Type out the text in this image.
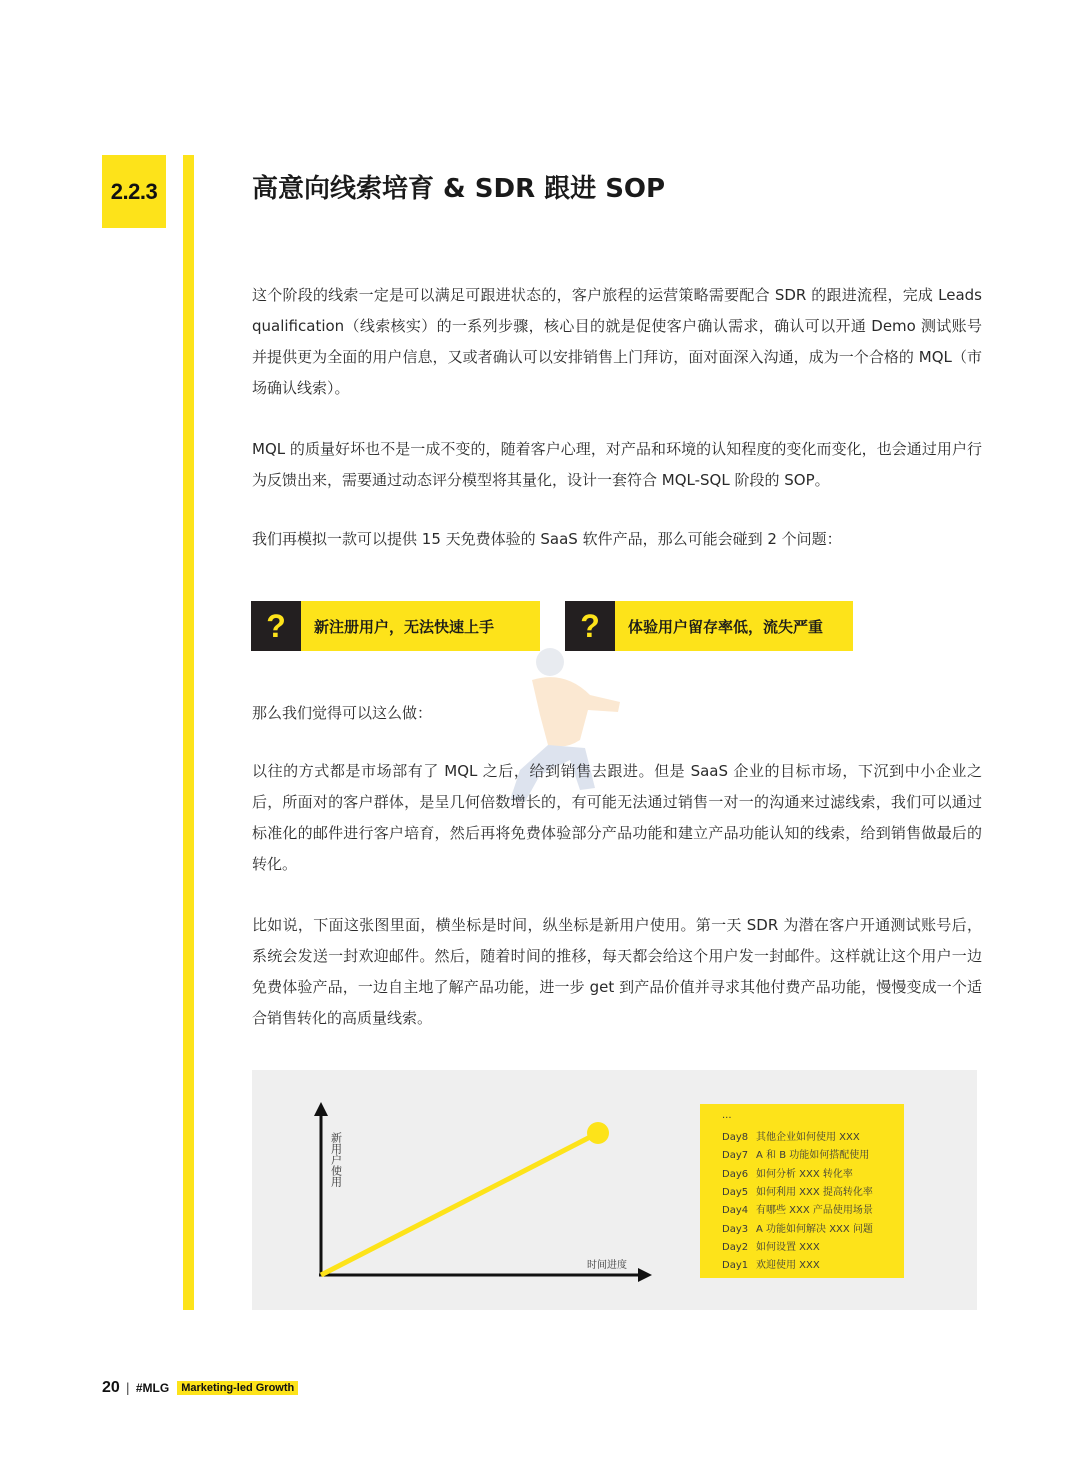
2.2.3	高意向线索培育 & SDR 跟进 SOP

这个阶段的线索一定是可以满足可跟进状态的，客户旅程的运营策略需要配合 SDR 的跟进流程，完成 Leads qualification（线索核实）的一系列步骤，核心目的就是促使客户确认需求，确认可以开通 Demo 测试账号并提供更为全面的用户信息，又或者确认可以安排销售上门拜访，面对面深入沟通，成为一个合格的 MQL（市场确认线索）。

MQL 的质量好坏也不是一成不变的，随着客户心理，对产品和环境的认知程度的变化而变化，也会通过用户行为反馈出来，需要通过动态评分模型将其量化，设计一套符合 MQL-SQL 阶段的 SOP。

我们再模拟一款可以提供 15 天免费体验的 SaaS 软件产品，那么可能会碰到 2 个问题：

?	新注册用户，无法快速上手	?	体验用户留存率低，流失严重

那么我们觉得可以这么做：

以往的方式都是市场部有了 MQL 之后，给到销售去跟进。但是 SaaS 企业的目标市场，下沉到中小企业之后，所面对的客户群体，是呈几何倍数增长的，有可能无法通过销售一对一的沟通来过滤线索，我们可以通过标准化的邮件进行客户培育，然后再将免费体验部分产品功能和建立产品功能认知的线索，给到销售做最后的转化。

比如说，下面这张图里面，横坐标是时间，纵坐标是新用户使用。第一天 SDR 为潜在客户开通测试账号后，系统会发送一封欢迎邮件。然后，随着时间的推移，每天都会给这个用户发一封邮件。这样就让这个用户一边免费体验产品，一边自主地了解产品功能，进一步 get 到产品价值并寻求其他付费产品功能，慢慢变成一个适合销售转化的高质量线索。

新用户使用
时间进度
...
Day8 其他企业如何使用 XXX
Day7 A 和 B 功能如何搭配使用
Day6 如何分析 XXX 转化率
Day5 如何利用 XXX 提高转化率
Day4 有哪些 XXX 产品使用场景
Day3 A 功能如何解决 XXX 问题
Day2 如何设置 XXX
Day1 欢迎使用 XXX
20 | #MLG	Marketing-led Growth
